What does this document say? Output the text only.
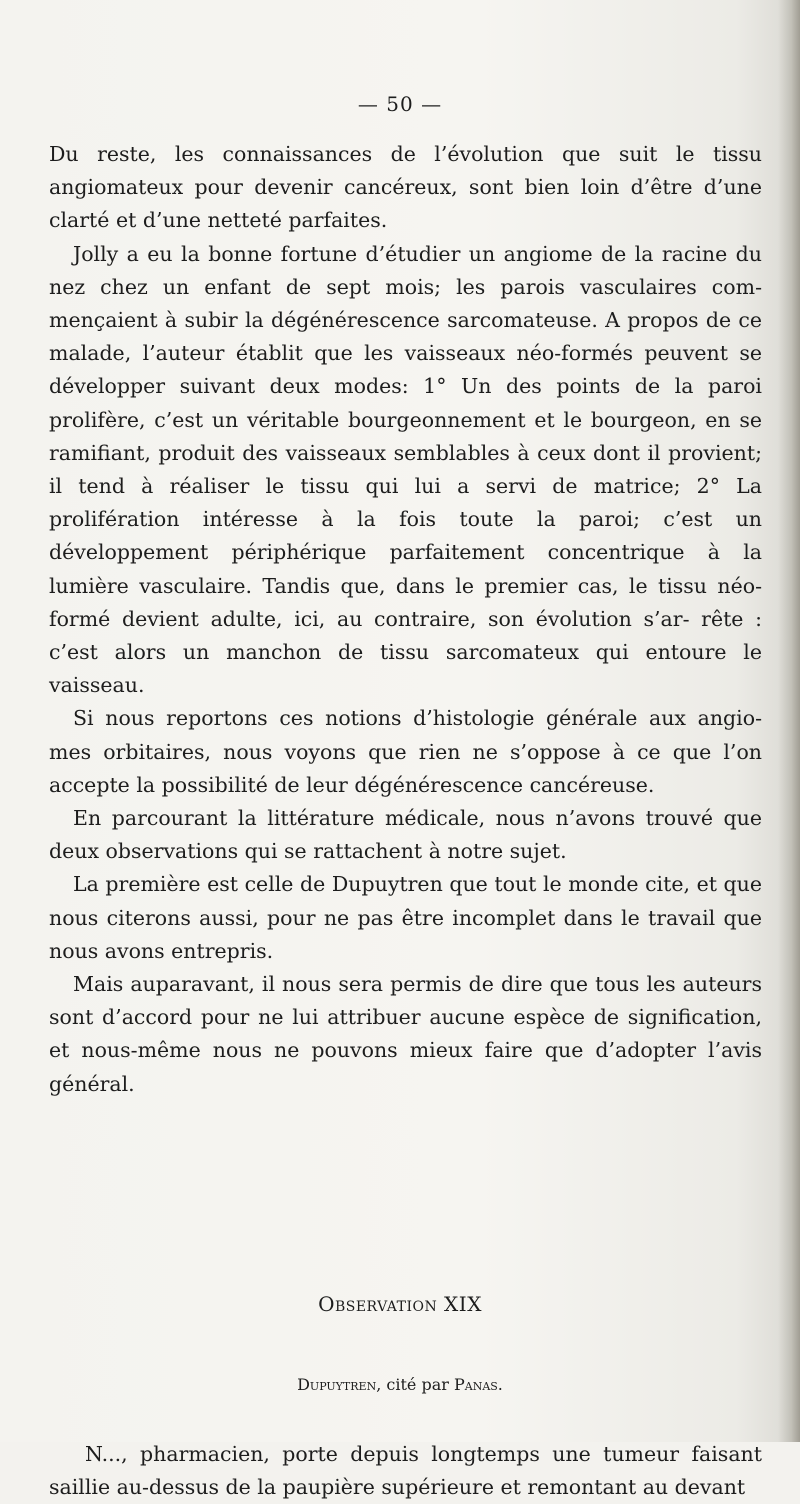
— 50 —

Du reste, les connaissances de l’évolution que suit le tissu angiomateux pour devenir cancéreux, sont bien loin d’être d’une clarté et d’une netteté parfaites.

Jolly a eu la bonne fortune d’étudier un angiome de la racine du nez chez un enfant de sept mois; les parois vasculaires com- mençaient à subir la dégénérescence sarcomateuse. A propos de ce malade, l’auteur établit que les vaisseaux néo-formés peuvent se développer suivant deux modes: 1° Un des points de la paroi prolifère, c’est un véritable bourgeonnement et le bourgeon, en se ramifiant, produit des vaisseaux semblables à ceux dont il provient; il tend à réaliser le tissu qui lui a servi de matrice; 2° La prolifération intéresse à la fois toute la paroi; c’est un développement périphérique parfaitement concentrique à la lumière vasculaire. Tandis que, dans le premier cas, le tissu néo-formé devient adulte, ici, au contraire, son évolution s’ar- rête : c’est alors un manchon de tissu sarcomateux qui entoure le vaisseau.

Si nous reportons ces notions d’histologie générale aux angio- mes orbitaires, nous voyons que rien ne s’oppose à ce que l’on accepte la possibilité de leur dégénérescence cancéreuse.

En parcourant la littérature médicale, nous n’avons trouvé que deux observations qui se rattachent à notre sujet.

La première est celle de Dupuytren que tout le monde cite, et que nous citerons aussi, pour ne pas être incomplet dans le travail que nous avons entrepris.

Mais auparavant, il nous sera permis de dire que tous les auteurs sont d’accord pour ne lui attribuer aucune espèce de signification, et nous-même nous ne pouvons mieux faire que d’adopter l’avis général.

Observation XIX
Dupuytren, cité par Panas.

N..., pharmacien, porte depuis longtemps une tumeur faisant saillie au-dessus de la paupière supérieure et remontant au devant
